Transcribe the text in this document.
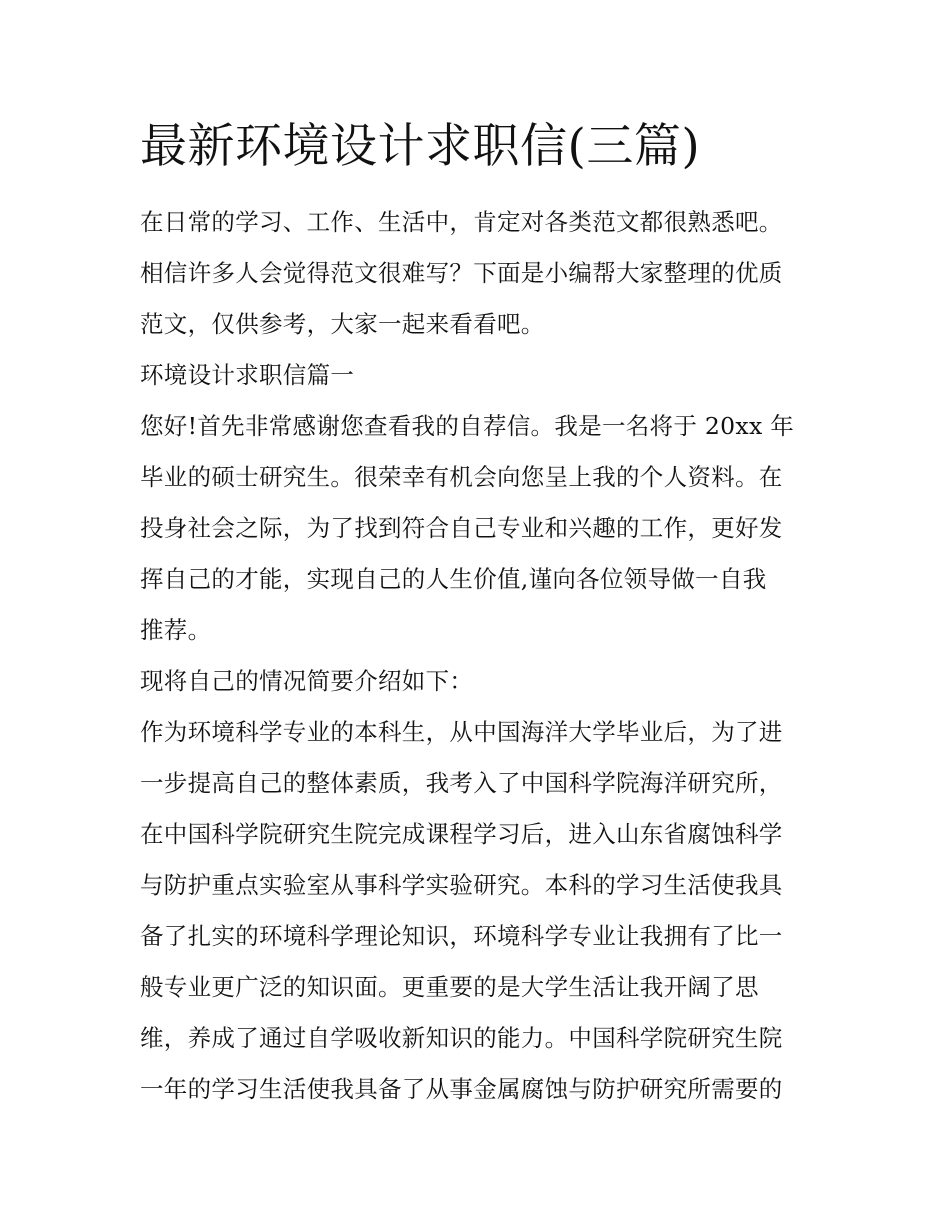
最新环境设计求职信(三篇)
在日常的学习、工作、生活中，肯定对各类范文都很熟悉吧。
相信许多人会觉得范文很难写？下面是小编帮大家整理的优质
范文，仅供参考，大家一起来看看吧。
环境设计求职信篇一
您好!首先非常感谢您查看我的自荐信。我是一名将于 20xx 年
毕业的硕士研究生。很荣幸有机会向您呈上我的个人资料。在
投身社会之际，为了找到符合自己专业和兴趣的工作，更好发
挥自己的才能，实现自己的人生价值,谨向各位领导做一自我
推荐。
现将自己的情况简要介绍如下：
作为环境科学专业的本科生，从中国海洋大学毕业后，为了进
一步提高自己的整体素质，我考入了中国科学院海洋研究所，
在中国科学院研究生院完成课程学习后，进入山东省腐蚀科学
与防护重点实验室从事科学实验研究。本科的学习生活使我具
备了扎实的环境科学理论知识，环境科学专业让我拥有了比一
般专业更广泛的知识面。更重要的是大学生活让我开阔了思
维，养成了通过自学吸收新知识的能力。中国科学院研究生院
一年的学习生活使我具备了从事金属腐蚀与防护研究所需要的
